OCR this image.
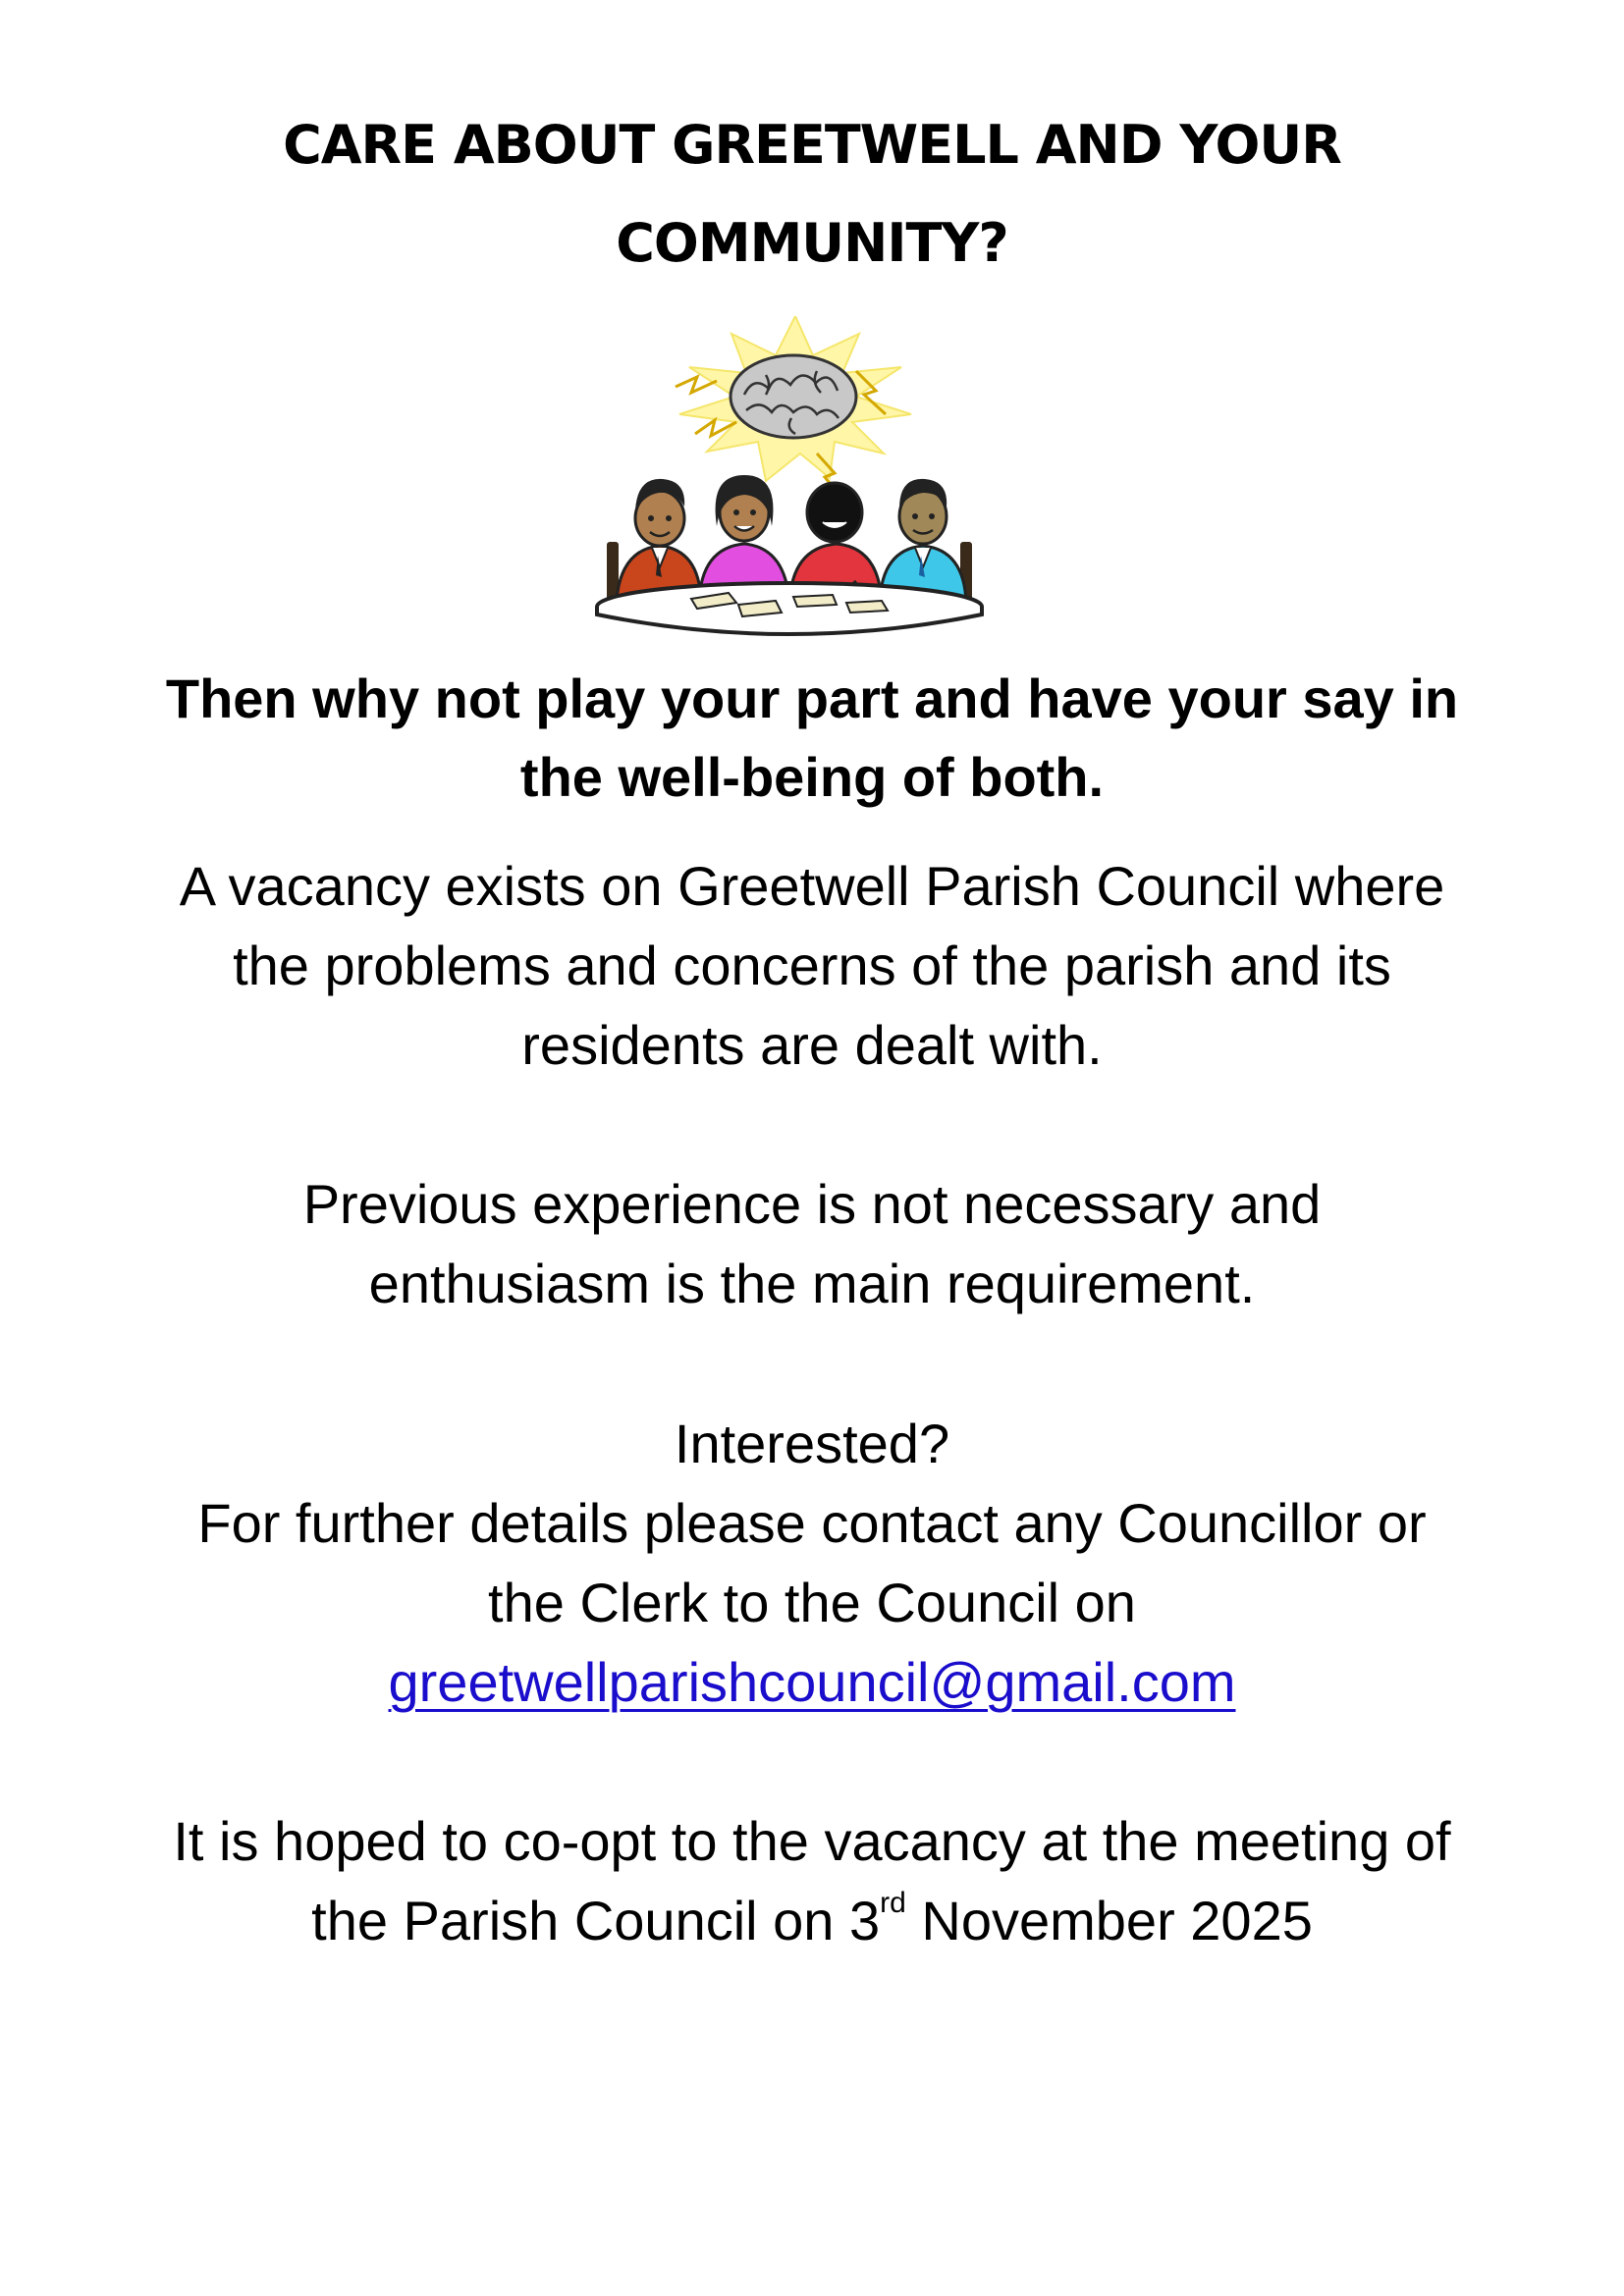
CARE ABOUT GREETWELL AND YOUR
COMMUNITY?
Then why not play your part and have your say in
the well-being of both.
A vacancy exists on Greetwell Parish Council where
the problems and concerns of the parish and its
residents are dealt with.
Previous experience is not necessary and
enthusiasm is the main requirement.
Interested?
For further details please contact any Councillor or
the Clerk to the Council on
greetwellparishcouncil@gmail.com
It is hoped to co-opt to the vacancy at the meeting of
the Parish Council on 3rd November 2025
